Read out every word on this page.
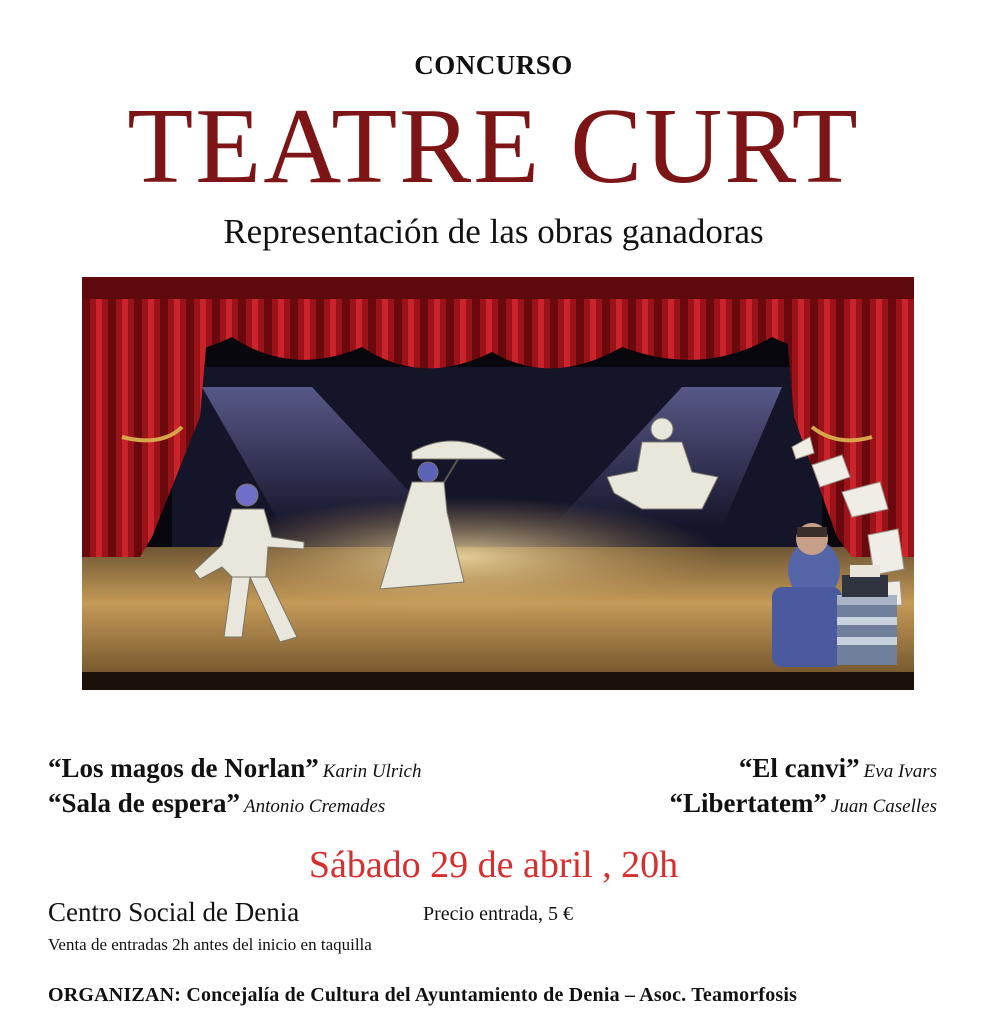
CONCURSO
TEATRE CURT
Representación de las obras ganadoras
“Los magos de Norlan” Karin Ulrich
“Sala de espera” Antonio Cremades
“El canvi” Eva Ivars
“Libertatem” Juan Caselles
Sábado 29 de abril , 20h
Centro Social de Denia	Precio entrada, 5 €
Venta de entradas 2h antes del inicio en taquilla
ORGANIZAN: Concejalía de Cultura del Ayuntamiento de Denia – Asoc. Teamorfosis
